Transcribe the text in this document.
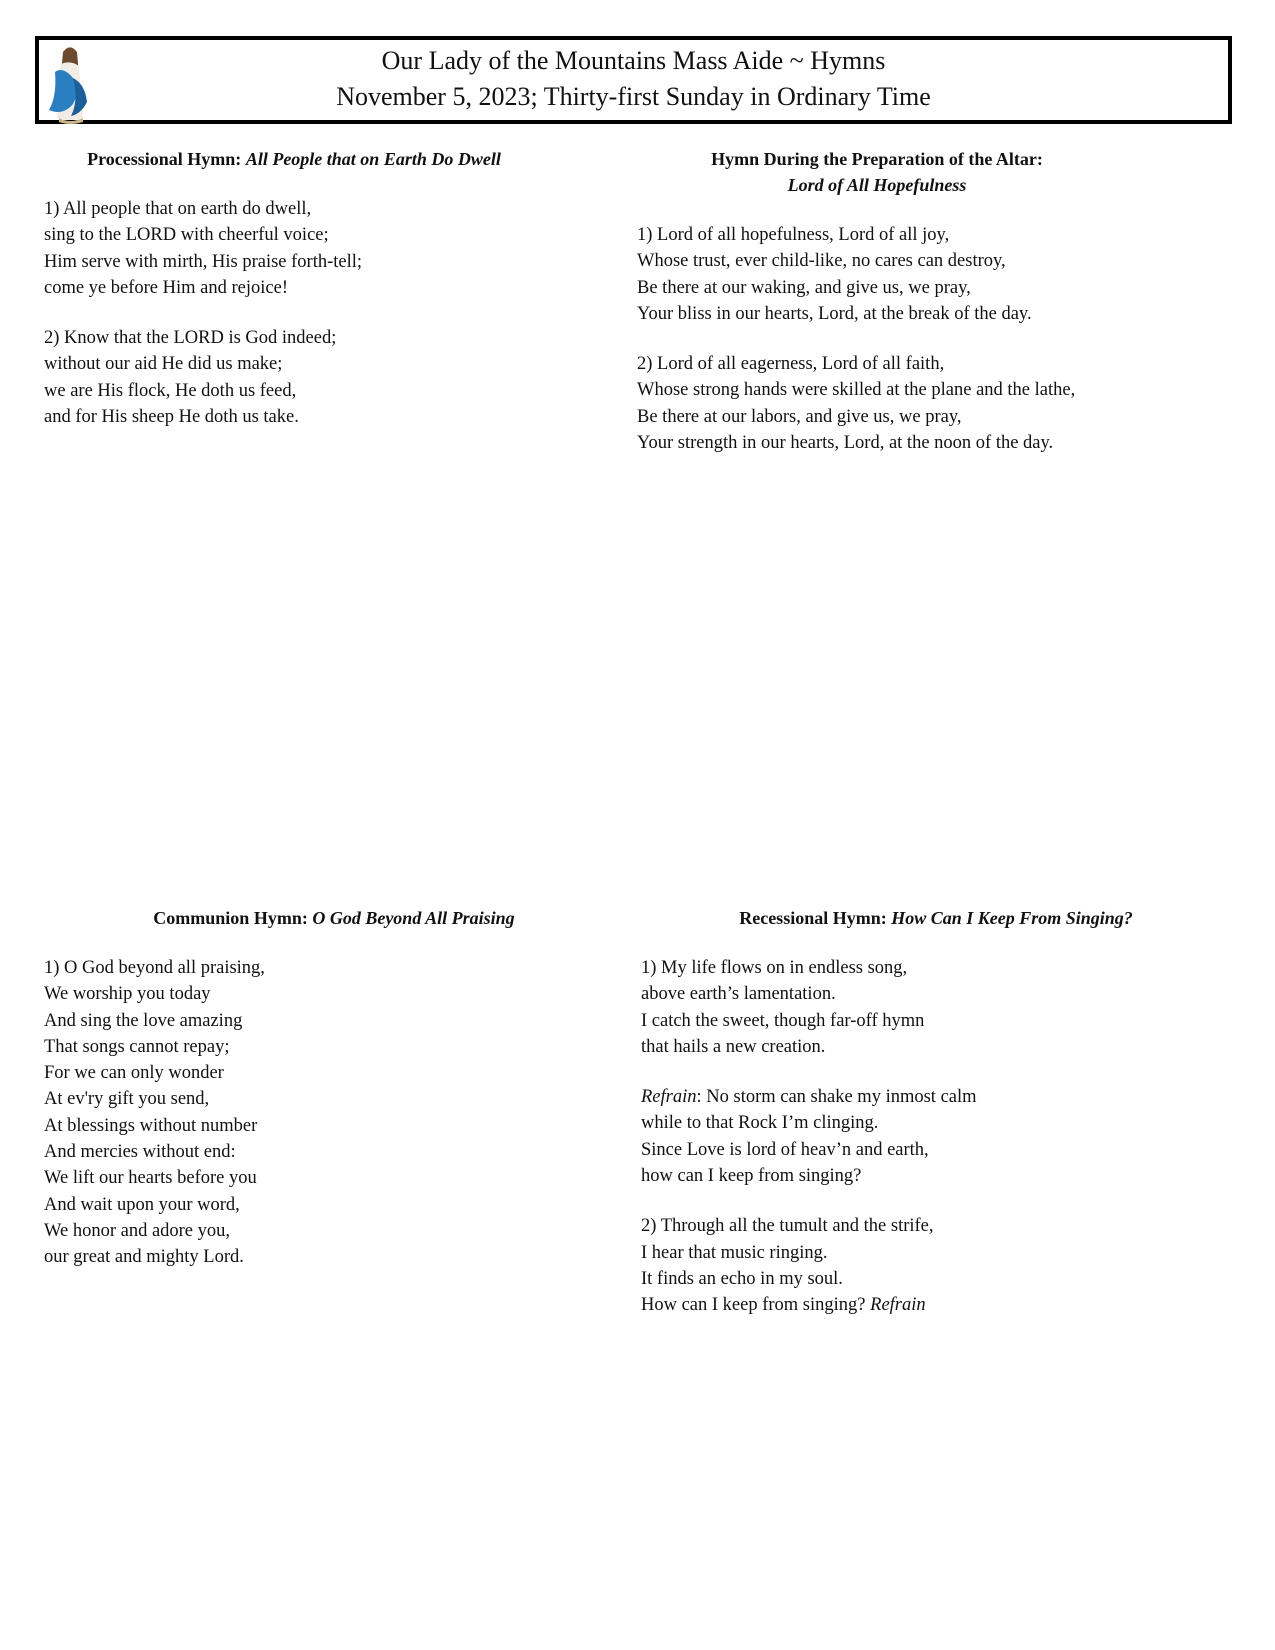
Our Lady of the Mountains Mass Aide ~ Hymns
November 5, 2023; Thirty-first Sunday in Ordinary Time
Processional Hymn: All People that on Earth Do Dwell
1) All people that on earth do dwell,
sing to the LORD with cheerful voice;
Him serve with mirth, His praise forth-tell;
come ye before Him and rejoice!
2) Know that the LORD is God indeed;
without our aid He did us make;
we are His flock, He doth us feed,
and for His sheep He doth us take.
Hymn During the Preparation of the Altar:
Lord of All Hopefulness
1) Lord of all hopefulness, Lord of all joy,
Whose trust, ever child-like, no cares can destroy,
Be there at our waking, and give us, we pray,
Your bliss in our hearts, Lord, at the break of the day.
2) Lord of all eagerness, Lord of all faith,
Whose strong hands were skilled at the plane and the lathe,
Be there at our labors, and give us, we pray,
Your strength in our hearts, Lord, at the noon of the day.
Communion Hymn: O God Beyond All Praising
1) O God beyond all praising,
We worship you today
And sing the love amazing
That songs cannot repay;
For we can only wonder
At ev'ry gift you send,
At blessings without number
And mercies without end:
We lift our hearts before you
And wait upon your word,
We honor and adore you,
our great and mighty Lord.
Recessional Hymn: How Can I Keep From Singing?
1) My life flows on in endless song,
above earth’s lamentation.
I catch the sweet, though far-off hymn
that hails a new creation.
Refrain: No storm can shake my inmost calm
while to that Rock I’m clinging.
Since Love is lord of heav’n and earth,
how can I keep from singing?
2) Through all the tumult and the strife,
I hear that music ringing.
It finds an echo in my soul.
How can I keep from singing? Refrain
